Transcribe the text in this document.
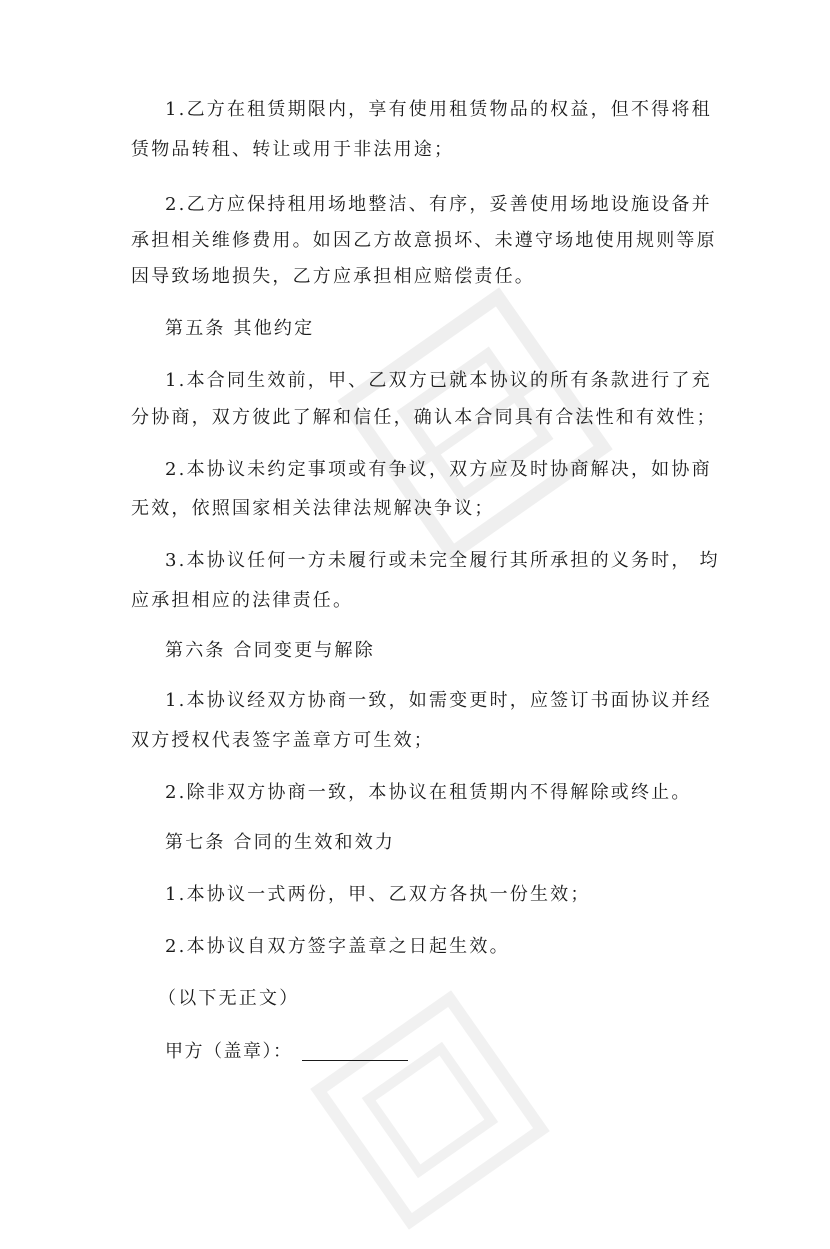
1.乙方在租赁期限内，享有使用租赁物品的权益，但不得将租
赁物品转租、转让或用于非法用途；
2.乙方应保持租用场地整洁、有序，妥善使用场地设施设备并
承担相关维修费用。如因乙方故意损坏、未遵守场地使用规则等原
因导致场地损失，乙方应承担相应赔偿责任。
第五条 其他约定
1.本合同生效前，甲、乙双方已就本协议的所有条款进行了充
分协商，双方彼此了解和信任，确认本合同具有合法性和有效性；
2.本协议未约定事项或有争议，双方应及时协商解决，如协商
无效，依照国家相关法律法规解决争议；
3.本协议任何一方未履行或未完全履行其所承担的义务时， 均
应承担相应的法律责任。
第六条 合同变更与解除
1.本协议经双方协商一致，如需变更时，应签订书面协议并经
双方授权代表签字盖章方可生效；
2.除非双方协商一致，本协议在租赁期内不得解除或终止。
第七条 合同的生效和效力
1.本协议一式两份，甲、乙双方各执一份生效；
2.本协议自双方签字盖章之日起生效。
（以下无正文）
甲方（盖章）：
